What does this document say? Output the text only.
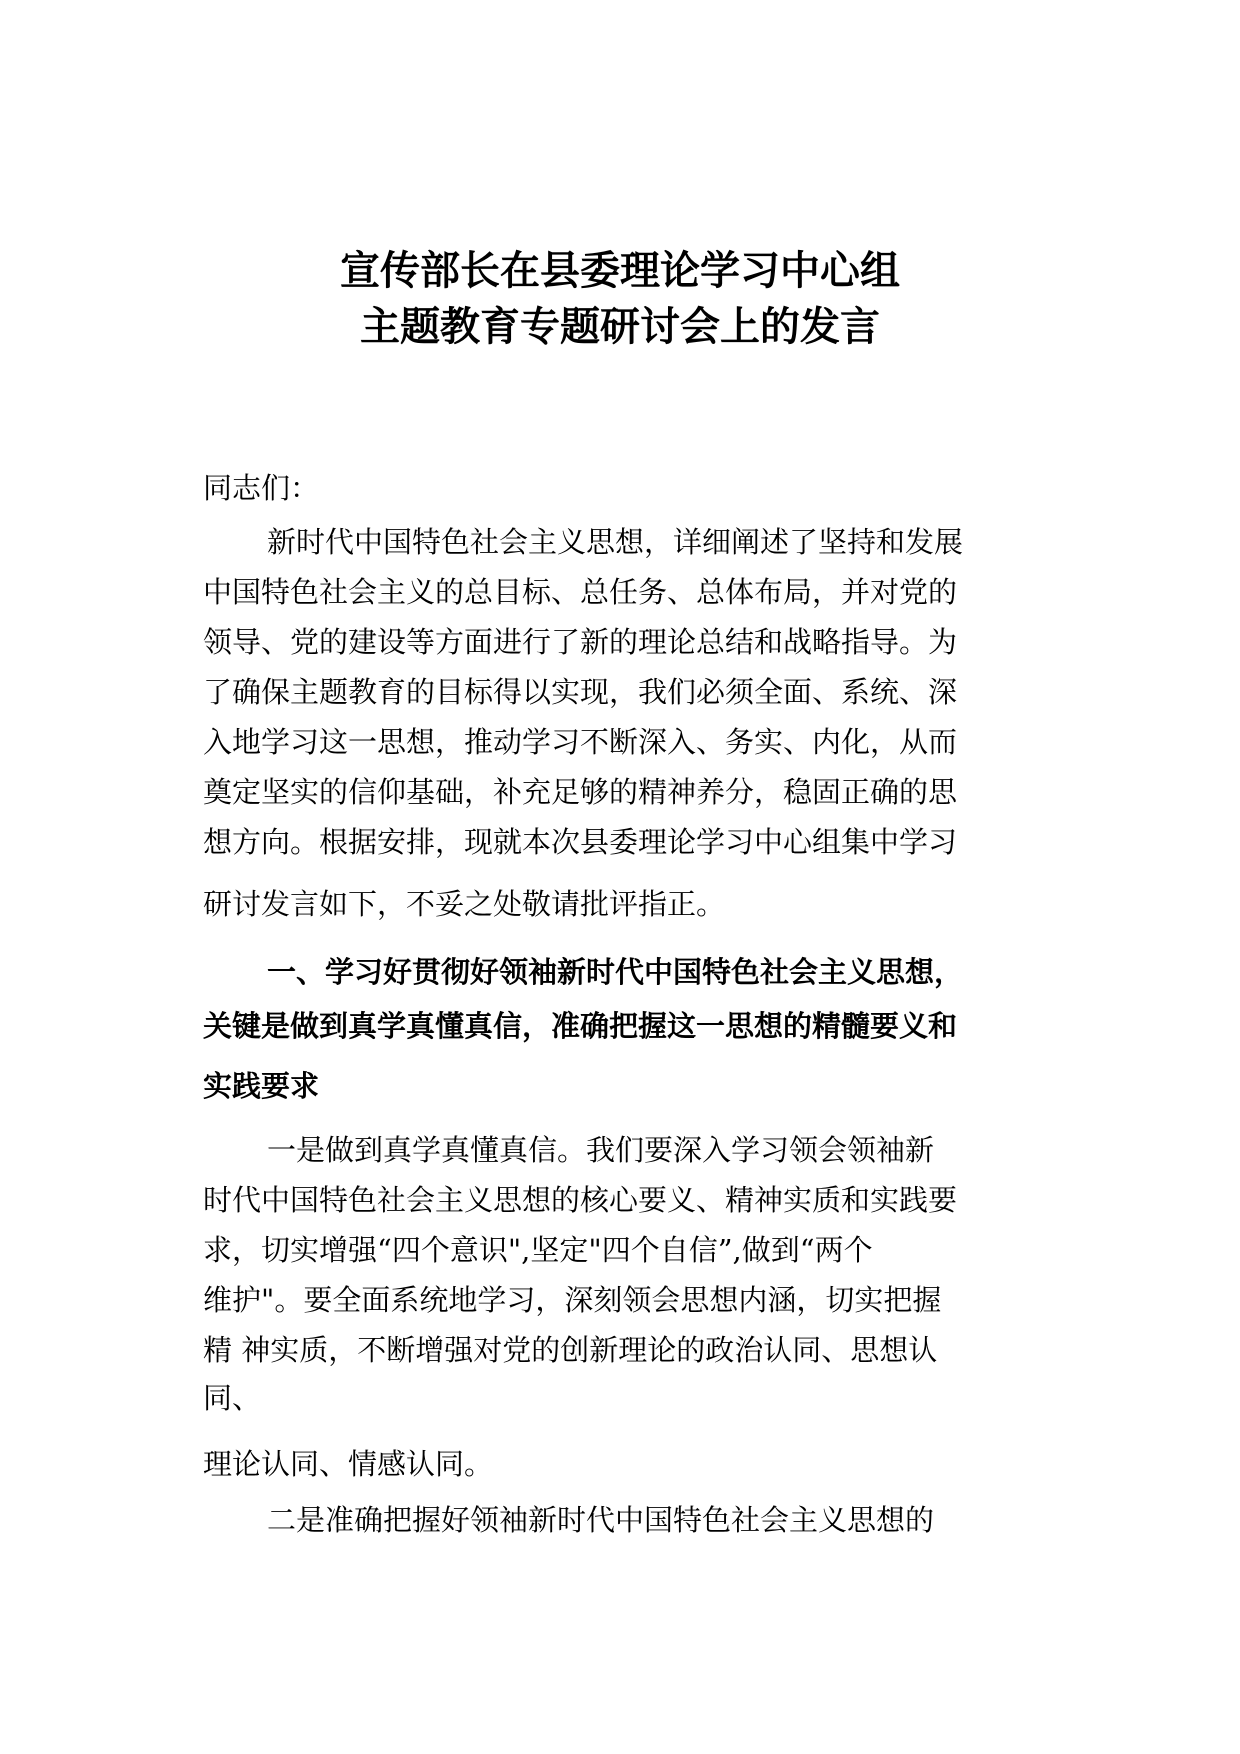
宣传部长在县委理论学习中心组
主题教育专题研讨会上的发言
同志们：
新时代中国特色社会主义思想，详细阐述了坚持和发展
中国特色社会主义的总目标、总任务、总体布局，并对党的
领导、党的建设等方面进行了新的理论总结和战略指导。为
了确保主题教育的目标得以实现，我们必须全面、系统、深
入地学习这一思想，推动学习不断深入、务实、内化，从而
奠定坚实的信仰基础，补充足够的精神养分，稳固正确的思
想方向。根据安排，现就本次县委理论学习中心组集中学习
研讨发言如下，不妥之处敬请批评指正。
一、学习好贯彻好领袖新时代中国特色社会主义思想，
关键是做到真学真懂真信，准确把握这一思想的精髓要义和
实践要求
一是做到真学真懂真信。我们要深入学习领会领袖新
时代中国特色社会主义思想的核心要义、精神实质和实践要
求，切实增强“四个意识",坚定"四个自信”,做到“两个
维护"。要全面系统地学习，深刻领会思想内涵，切实把握
精 神实质，不断增强对党的创新理论的政治认同、思想认
同、
理论认同、情感认同。
二是准确把握好领袖新时代中国特色社会主义思想的
